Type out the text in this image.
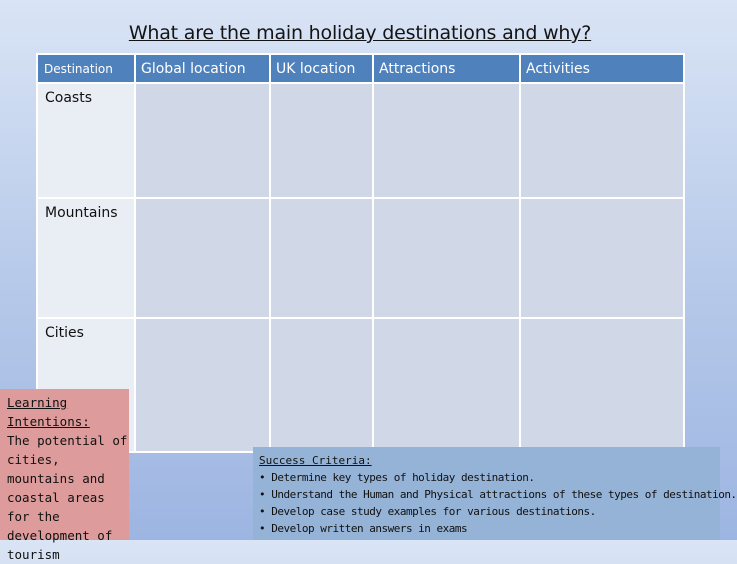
What are the main holiday destinations and why?
Destination	Global location	UK location	Attractions	Activities
Coasts				
Mountains				
Cities				
Learning Intentions:
The potential of cities, mountains and coastal areas for the development of tourism
Success Criteria:
• Determine key types of holiday destination.
• Understand the Human and Physical attractions of these types of destination.
• Develop case study examples for various destinations.
• Develop written answers in exams
